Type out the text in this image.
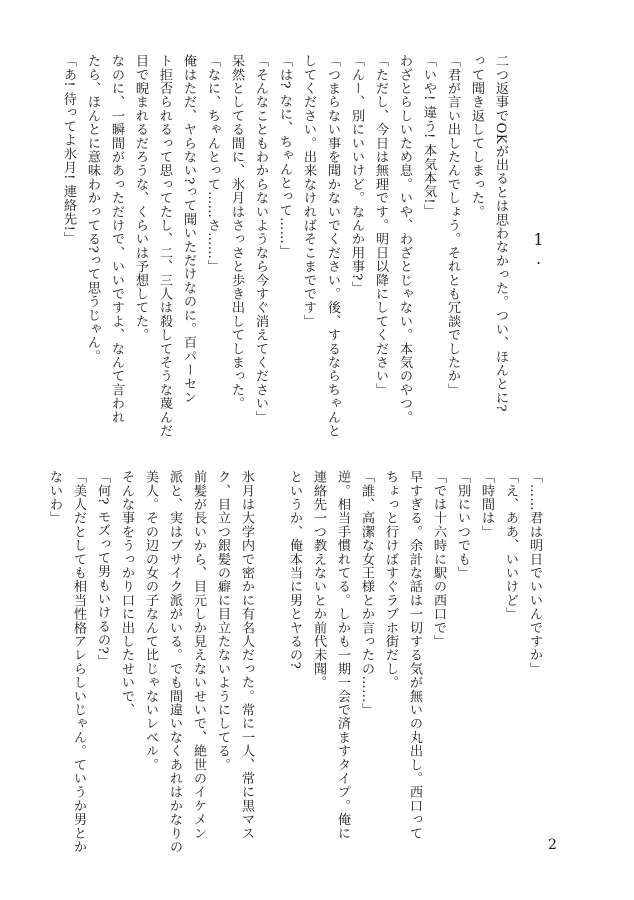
1.
二つ返事でOKが出るとは思わなかった。つい、ほんとに?
って聞き返してしまった。
「君が言い出したんでしょう。それとも冗談でしたか」
「いや! 違う! 本気本気!」
わざとらしいため息。いや、わざとじゃない。本気のやつ。
「ただし、今日は無理です。明日以降にしてください」
「んー、別にいいけど。なんか用事?」
「つまらない事を聞かないでください。後、するならちゃんと
してください。出来なければそこまでです」
「は? なに、ちゃんとって……」
「そんなこともわからないようなら今すぐ消えてください」
呆然としてる間に、氷月はさっさと歩き出してしまった。
「なに、ちゃんとって……さ……」
俺はただ、ヤらない?って聞いただけなのに。百パーセン
ト拒否られるって思ってたし、二、三人は殺してそうな蔑んだ
目で睨まれるだろうな、くらいは予想してた。
なのに、一瞬間があっただけで、いいですよ、なんて言われ
たら、ほんとに意味わかってる?って思うじゃん。
「あ! 待ってよ氷月! 連絡先!」
「……君は明日でいいんですか」
「え、ああ、いいけど」
「時間は」
「別にいつでも」
「では十六時に駅の西口で」
早すぎる。余計な話は一切する気が無いの丸出し。西口って
ちょっと行けばすぐラブホ街だし。
「誰、高潔な女王様とか言ったの……」
逆。相当手慣れてる。しかも一期一会で済ますタイプ。俺に
連絡先一つ教えないとか前代未聞。
というか、俺本当に男とヤるの?

氷月は大学内で密かに有名人だった。常に一人、常に黒マス
ク、目立つ銀髪の癖に目立たないようにしてる。
前髪が長いから、目元しか見えないせいで、絶世のイケメン
派と、実はブサイク派がいる。でも間違いなくあれはかなりの
美人。その辺の女の子なんて比じゃないレベル。
そんな事をうっかり口に出したせいで、
「何? モズって男もいけるの?」
「美人だとしても相当性格アレらしいじゃん。ていうか男とか
ないわ」
2
